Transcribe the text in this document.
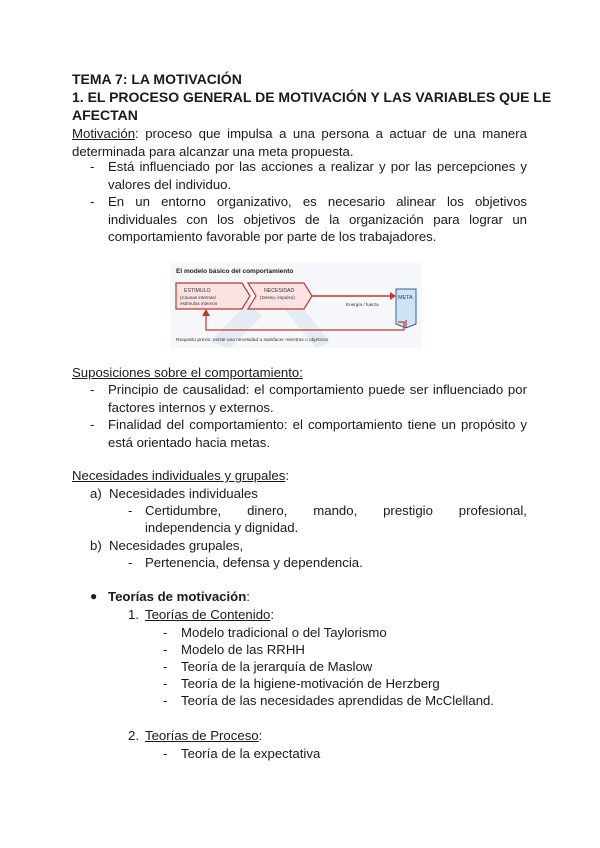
TEMA 7: LA MOTIVACIÓN
1. EL PROCESO GENERAL DE MOTIVACIÓN Y LAS VARIABLES QUE LE
AFECTAN
Motivación: proceso que impulsa a una persona a actuar de una manera determinada para alcanzar una meta propuesta.
- Está influenciado por las acciones a realizar y por las percepciones y valores del individuo.
- En un entorno organizativo, es necesario alinear los objetivos individuales con los objetivos de la organización para lograr un comportamiento favorable por parte de los trabajadores.
El modelo básico del comportamiento
ESTIMULO
(Causas internas/
estímulos internos
NECESIDAD
(Deseo, impulso)
Energía / fuerza
META
Requisito previo: existe una necesidad a satisfacer mientras u objetivos
Suposiciones sobre el comportamiento:
- Principio de causalidad: el comportamiento puede ser influenciado por factores internos y externos.
- Finalidad del comportamiento: el comportamiento tiene un propósito y está orientado hacia metas.
Necesidades individuales y grupales:
a) Necesidades individuales
- Certidumbre, dinero, mando, prestigio profesional,
independencia y dignidad.
b) Necesidades grupales,
- Pertenencia, defensa y dependencia.
● Teorías de motivación:
1. Teorías de Contenido:
- Modelo tradicional o del Taylorismo
- Modelo de las RRHH
- Teoría de la jerarquía de Maslow
- Teoría de la higiene-motivación de Herzberg
- Teoría de las necesidades aprendidas de McClelland.
2. Teorías de Proceso:
- Teoría de la expectativa
